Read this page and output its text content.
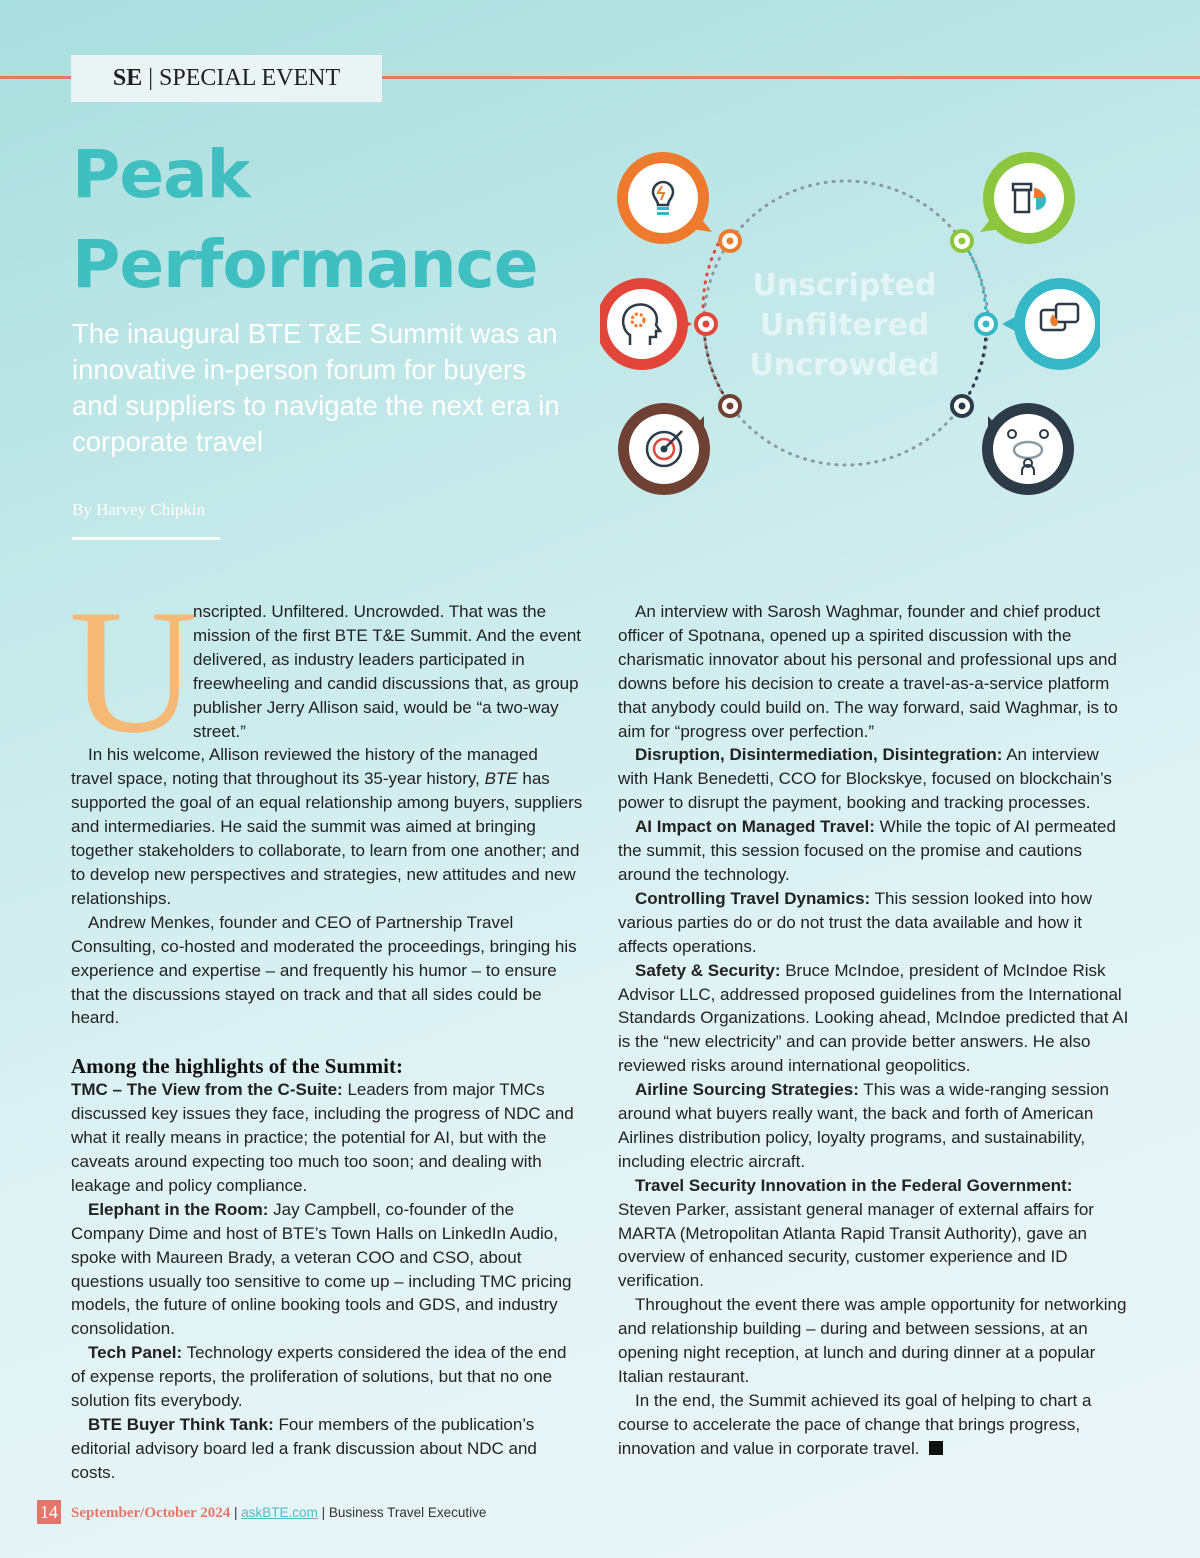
SE | SPECIAL EVENT
Peak
Performance

The inaugural BTE T&E Summit was an innovative in-person forum for buyers and suppliers to navigate the next era in corporate travel

By Harvey Chipkin
Unscripted
Unfiltered
Uncrowded

U
nscripted. Unfiltered. Uncrowded. That was the mission of the first BTE T&E Summit. And the event delivered, as industry leaders participated in freewheeling and candid discussions that, as group publisher Jerry Allison said, would be “a two-way street.”

In his welcome, Allison reviewed the history of the managed travel space, noting that throughout its 35-year history, BTE has supported the goal of an equal relationship among buyers, suppliers and intermediaries. He said the summit was aimed at bringing together stakeholders to collaborate, to learn from one another; and to develop new perspectives and strategies, new attitudes and new relationships.

Andrew Menkes, founder and CEO of Partnership Travel Consulting, co-hosted and moderated the proceedings, bringing his experience and expertise – and frequently his humor – to ensure that the discussions stayed on track and that all sides could be heard.

Among the highlights of the Summit:

TMC – The View from the C-Suite: Leaders from major TMCs discussed key issues they face, including the progress of NDC and what it really means in practice; the potential for AI, but with the caveats around expecting too much too soon; and dealing with leakage and policy compliance.

Elephant in the Room: Jay Campbell, co-founder of the Company Dime and host of BTE’s Town Halls on LinkedIn Audio, spoke with Maureen Brady, a veteran COO and CSO, about questions usually too sensitive to come up – including TMC pricing models, the future of online booking tools and GDS, and industry consolidation.

Tech Panel: Technology experts considered the idea of the end of expense reports, the proliferation of solutions, but that no one solution fits everybody.

BTE Buyer Think Tank: Four members of the publication’s editorial advisory board led a frank discussion about NDC and costs.

An interview with Sarosh Waghmar, founder and chief product officer of Spotnana, opened up a spirited discussion with the charismatic innovator about his personal and professional ups and downs before his decision to create a travel-as-a-service platform that anybody could build on. The way forward, said Waghmar, is to aim for “progress over perfection.”

Disruption, Disintermediation, Disintegration: An interview with Hank Benedetti, CCO for Blockskye, focused on blockchain’s power to disrupt the payment, booking and tracking processes.

AI Impact on Managed Travel: While the topic of AI permeated the summit, this session focused on the promise and cautions around the technology.

Controlling Travel Dynamics: This session looked into how various parties do or do not trust the data available and how it affects operations.

Safety & Security: Bruce McIndoe, president of McIndoe Risk Advisor LLC, addressed proposed guidelines from the International Standards Organizations. Looking ahead, McIndoe predicted that AI is the “new electricity” and can provide better answers. He also reviewed risks around international geopolitics.

Airline Sourcing Strategies: This was a wide-ranging session around what buyers really want, the back and forth of American Airlines distribution policy, loyalty programs, and sustainability, including electric aircraft.

Travel Security Innovation in the Federal Government: Steven Parker, assistant general manager of external affairs for MARTA (Metropolitan Atlanta Rapid Transit Authority), gave an overview of enhanced security, customer experience and ID verification.

Throughout the event there was ample opportunity for networking and relationship building – during and between sessions, at an opening night reception, at lunch and during dinner at a popular Italian restaurant.

In the end, the Summit achieved its goal of helping to chart a course to accelerate the pace of change that brings progress, innovation and value in corporate travel.

14 September/October 2024 | askBTE.com | Business Travel Executive
